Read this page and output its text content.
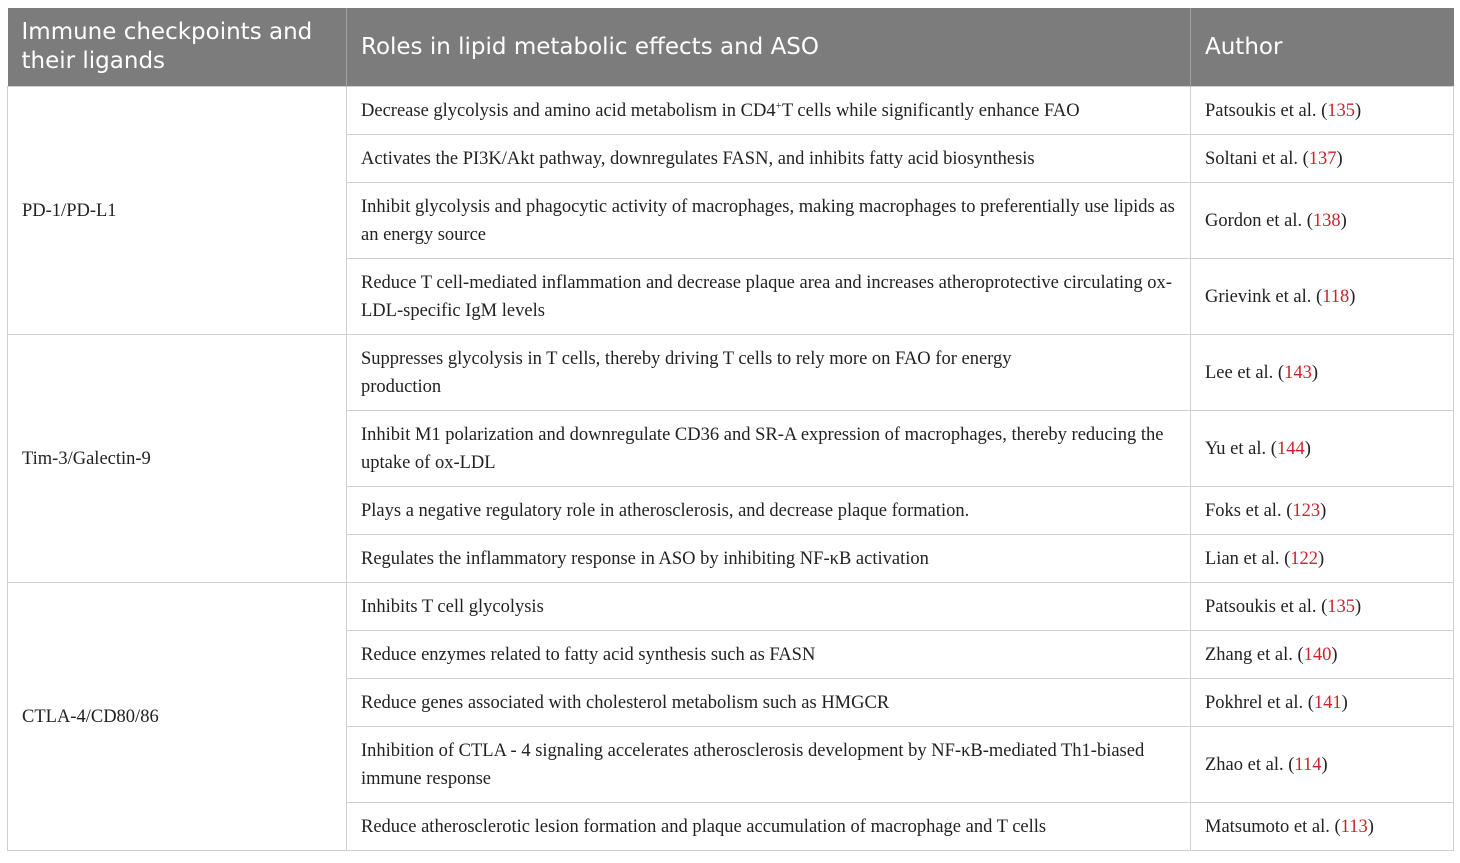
Immune checkpoints and their ligands	Roles in lipid metabolic effects and ASO	Author
PD-1/PD-L1	Decrease glycolysis and amino acid metabolism in CD4+T cells while significantly enhance FAO	Patsoukis et al. (135)
	Activates the PI3K/Akt pathway, downregulates FASN, and inhibits fatty acid biosynthesis	Soltani et al. (137)
	Inhibit glycolysis and phagocytic activity of macrophages, making macrophages to preferentially use lipids as an energy source	Gordon et al. (138)
	Reduce T cell-mediated inflammation and decrease plaque area and increases atheroprotective circulating ox-LDL-specific IgM levels	Grievink et al. (118)
Tim-3/Galectin-9	Suppresses glycolysis in T cells, thereby driving T cells to rely more on FAO for energy production	Lee et al. (143)
	Inhibit M1 polarization and downregulate CD36 and SR-A expression of macrophages, thereby reducing the uptake of ox-LDL	Yu et al. (144)
	Plays a negative regulatory role in atherosclerosis, and decrease plaque formation.	Foks et al. (123)
	Regulates the inflammatory response in ASO by inhibiting NF-κB activation	Lian et al. (122)
CTLA-4/CD80/86	Inhibits T cell glycolysis	Patsoukis et al. (135)
	Reduce enzymes related to fatty acid synthesis such as FASN	Zhang et al. (140)
	Reduce genes associated with cholesterol metabolism such as HMGCR	Pokhrel et al. (141)
	Inhibition of CTLA - 4 signaling accelerates atherosclerosis development by NF-κB-mediated Th1-biased immune response	Zhao et al. (114)
	Reduce atherosclerotic lesion formation and plaque accumulation of macrophage and T cells	Matsumoto et al. (113)
